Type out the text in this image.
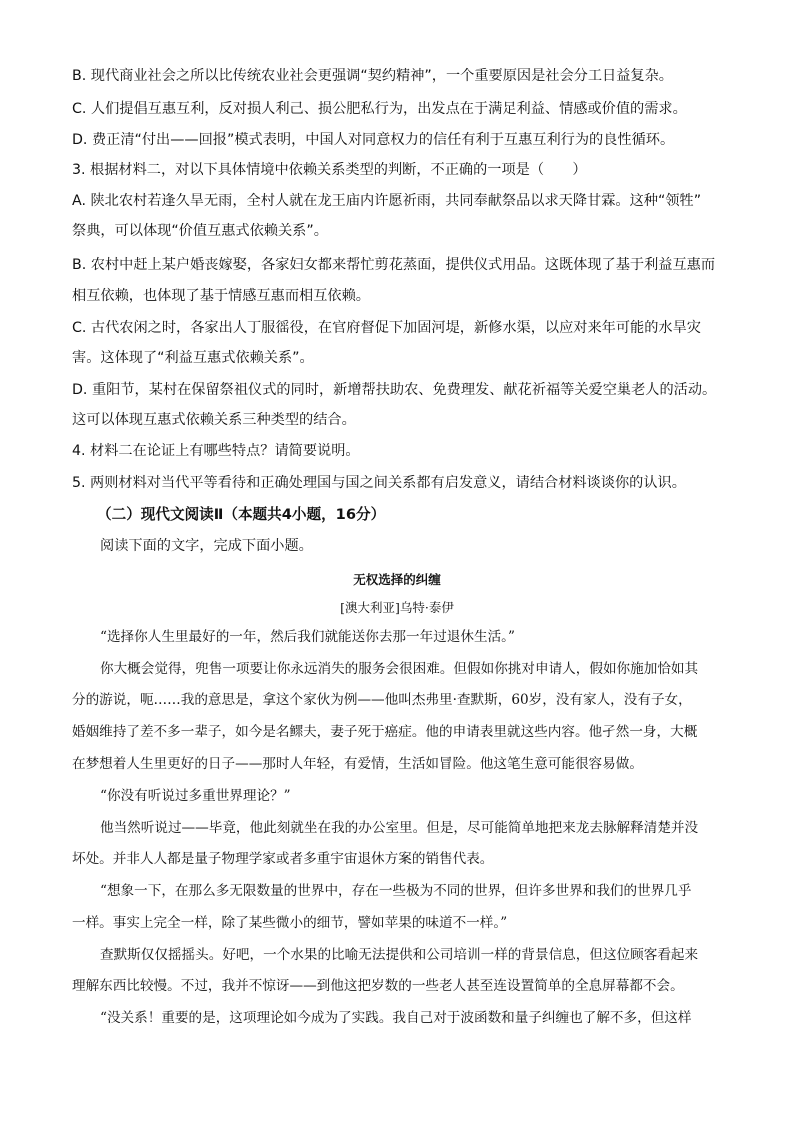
B. 现代商业社会之所以比传统农业社会更强调“契约精神”，一个重要原因是社会分工日益复杂。
C. 人们提倡互惠互利，反对损人利己、损公肥私行为，出发点在于满足利益、情感或价值的需求。
D. 费正清“付出——回报”模式表明，中国人对同意权力的信任有利于互惠互利行为的良性循环。
3. 根据材料二，对以下具体情境中依赖关系类型的判断，不正确的一项是（　　）
A. 陕北农村若逢久旱无雨，全村人就在龙王庙内许愿祈雨，共同奉献祭品以求天降甘霖。这种“领牲”
祭典，可以体现“价值互惠式依赖关系”。
B. 农村中赶上某户婚丧嫁娶，各家妇女都来帮忙剪花蒸面，提供仪式用品。这既体现了基于利益互惠而
相互依赖，也体现了基于情感互惠而相互依赖。
C. 古代农闲之时，各家出人丁服徭役，在官府督促下加固河堤，新修水渠，以应对来年可能的水旱灾
害。这体现了“利益互惠式依赖关系”。
D. 重阳节，某村在保留祭祖仪式的同时，新增帮扶助农、免费理发、献花祈福等关爱空巢老人的活动。
这可以体现互惠式依赖关系三种类型的结合。
4. 材料二在论证上有哪些特点？请简要说明。
5. 两则材料对当代平等看待和正确处理国与国之间关系都有启发意义，请结合材料谈谈你的认识。
（二）现代文阅读Ⅱ（本题共4小题，16分）
阅读下面的文字，完成下面小题。
无权选择的纠缠
[澳大利亚]乌特·泰伊
“选择你人生里最好的一年，然后我们就能送你去那一年过退休生活。”
你大概会觉得，兜售一项要让你永远消失的服务会很困难。但假如你挑对申请人，假如你施加恰如其
分的游说，呃……我的意思是，拿这个家伙为例——他叫杰弗里·查默斯，60岁，没有家人，没有子女，
婚姻维持了差不多一辈子，如今是名鳏夫，妻子死于癌症。他的申请表里就这些内容。他孑然一身，大概
在梦想着人生里更好的日子——那时人年轻，有爱情，生活如冒险。他这笔生意可能很容易做。
“你没有听说过多重世界理论？”
他当然听说过——毕竟，他此刻就坐在我的办公室里。但是，尽可能简单地把来龙去脉解释清楚并没
坏处。并非人人都是量子物理学家或者多重宇宙退休方案的销售代表。
“想象一下，在那么多无限数量的世界中，存在一些极为不同的世界，但许多世界和我们的世界几乎
一样。事实上完全一样，除了某些微小的细节，譬如苹果的味道不一样。”
查默斯仅仅摇摇头。好吧，一个水果的比喻无法提供和公司培训一样的背景信息，但这位顾客看起来
理解东西比较慢。不过，我并不惊讶——到他这把岁数的一些老人甚至连设置简单的全息屏幕都不会。
“没关系！重要的是，这项理论如今成为了实践。我自己对于波函数和量子纠缠也了解不多，但这样
